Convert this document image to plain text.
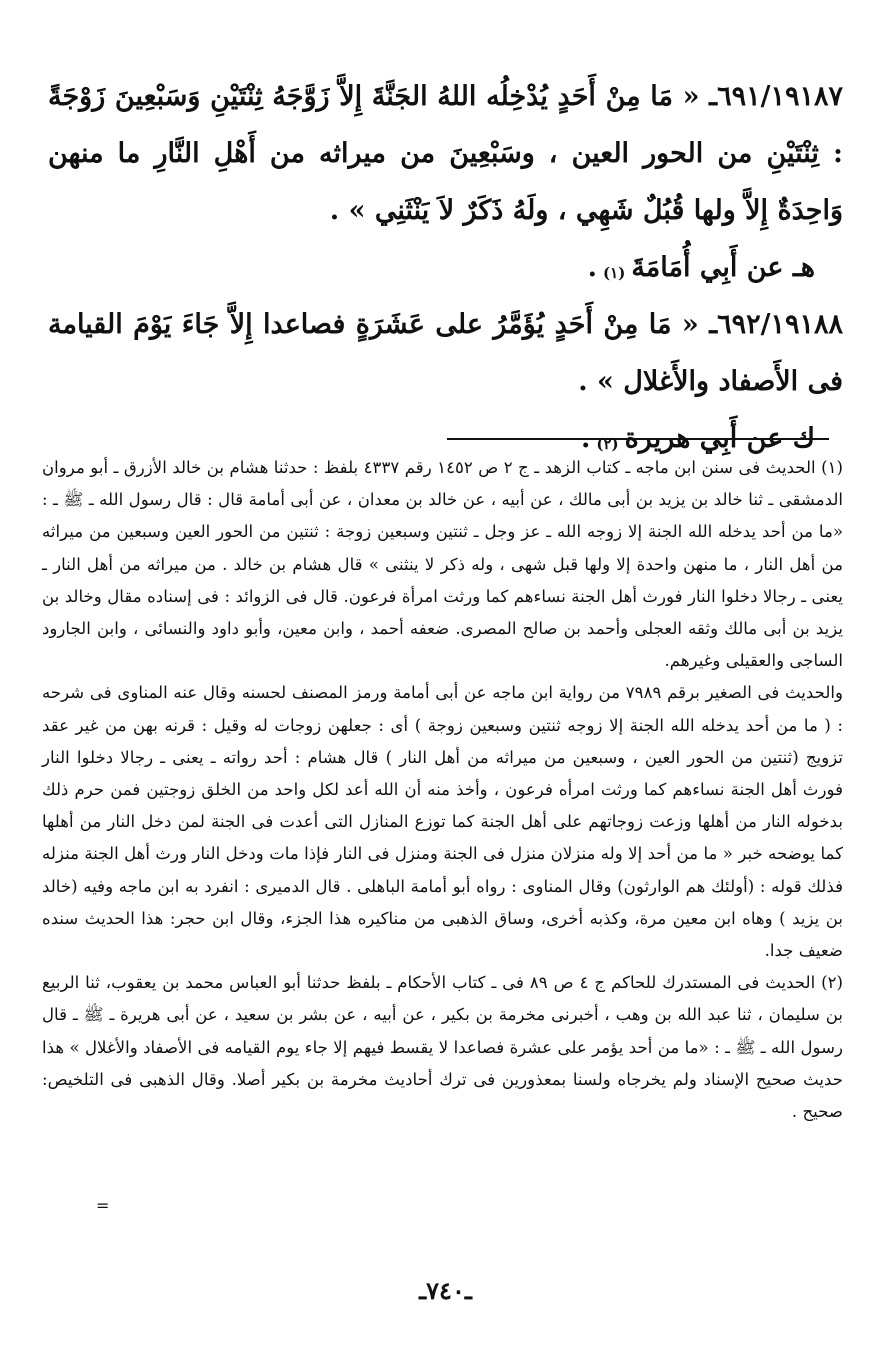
٦٩١/١٩١٨٧ـ « مَا مِنْ أَحَدٍ يُدْخِلُه اللهُ الجَنَّةَ إِلاَّ زَوَّجَهُ ثِنْتَيْنِ وَسَبْعِينَ زَوْجَةً : ثِنْتَيْنِ من الحور العين ، وسَبْعِينَ من ميراثه من أَهْلِ النَّارِ ما منهن وَاحِدَةٌ إِلاَّ ولها قُبُلٌ شَهِي ، ولَهُ ذَكَرٌ لاَ يَنْثَنِي » .

هـ عن أَبِي أُمَامَةَ$^{(١)}$.

٦٩٢/١٩١٨٨ـ « مَا مِنْ أَحَدٍ يُؤَمَّرُ على عَشَرَةٍ فصاعدا إِلاَّ جَاءَ يَوْمَ القيامة فى الأَصفاد والأَغلال » .

ك عن أَبِي هريرة$^{(٢)}$.

(١) الحديث فى سنن ابن ماجه ـ كتاب الزهد ـ ج ٢ ص ١٤٥٢ رقم ٤٣٣٧ بلفظ : حدثنا هشام بن خالد الأزرق ـ أبو مروان الدمشقى ـ ثنا خالد بن يزيد بن أبى مالك ، عن أبيه ، عن خالد بن معدان ، عن أبى أمامة قال : قال رسول الله ـ ﷺ ـ : «ما من أحد يدخله الله الجنة إلا زوجه الله ـ عز وجل ـ ثنتين وسبعين زوجة : ثنتين من الحور العين وسبعين من ميراثه من أهل النار ، ما منهن واحدة إلا ولها قبل شهى ، وله ذكر لا ينثنى » قال هشام بن خالد . من ميراثه من أهل النار ـ يعنى ـ رجالا دخلوا النار فورث أهل الجنة نساءهم كما ورثت امرأة فرعون. قال فى الزوائد : فى إسناده مقال وخالد بن يزيد بن أبى مالك وثقه العجلى وأحمد بن صالح المصرى. ضعفه أحمد ، وابن معين، وأبو داود والنسائى ، وابن الجارود الساجى والعقيلى وغيرهم.

والحديث فى الصغير برقم ٧٩٨٩ من رواية ابن ماجه عن أبى أمامة ورمز المصنف لحسنه وقال عنه المناوى فى شرحه : ( ما من أحد يدخله الله الجنة إلا زوجه ثنتين وسبعين زوجة ) أى : جعلهن زوجات له وقيل : قرنه بهن من غير عقد تزويج (ثنتين من الحور العين ، وسبعين من ميراثه من أهل النار ) قال هشام : أحد رواته ـ يعنى ـ رجالا دخلوا النار فورث أهل الجنة نساءهم كما ورثت امرأه فرعون ، وأخذ منه أن الله أعد لكل واحد من الخلق زوجتين فمن حرم ذلك بدخوله النار من أهلها وزعت زوجاتهم على أهل الجنة كما توزع المنازل التى أعدت فى الجنة لمن دخل النار من أهلها كما يوضحه خبر « ما من أحد إلا وله منزلان منزل فى الجنة ومنزل فى النار فإذا مات ودخل النار ورث أهل الجنة منزله فذلك قوله : (أولئك هم الوارثون) وقال المناوى : رواه أبو أمامة الباهلى . قال الدميرى : انفرد به ابن ماجه وفيه (خالد بن يزيد ) وهاه ابن معين مرة، وكذبه أخرى، وساق الذهبى من مناكيره هذا الجزء، وقال ابن حجر: هذا الحديث سنده ضعيف جدا.

(٢) الحديث فى المستدرك للحاكم ج ٤ ص ٨٩ فى ـ كتاب الأحكام ـ بلفظ حدثنا أبو العباس محمد بن يعقوب، ثنا الربيع بن سليمان ، ثنا عبد الله بن وهب ، أخبرنى مخرمة بن بكير ، عن أبيه ، عن بشر بن سعيد ، عن أبى هريرة ـ ﷺ ـ قال رسول الله ـ ﷺ ـ : «ما من أحد يؤمر على عشرة فصاعدا لا يقسط فيهم إلا جاء يوم القيامه فى الأصفاد والأغلال » هذا حديث صحيح الإسناد ولم يخرجاه ولسنا بمعذورين فى ترك أحاديث مخرمة بن بكير أصلا. وقال الذهبى فى التلخيص: صحيح .

=
ـ٧٤٠ـ
